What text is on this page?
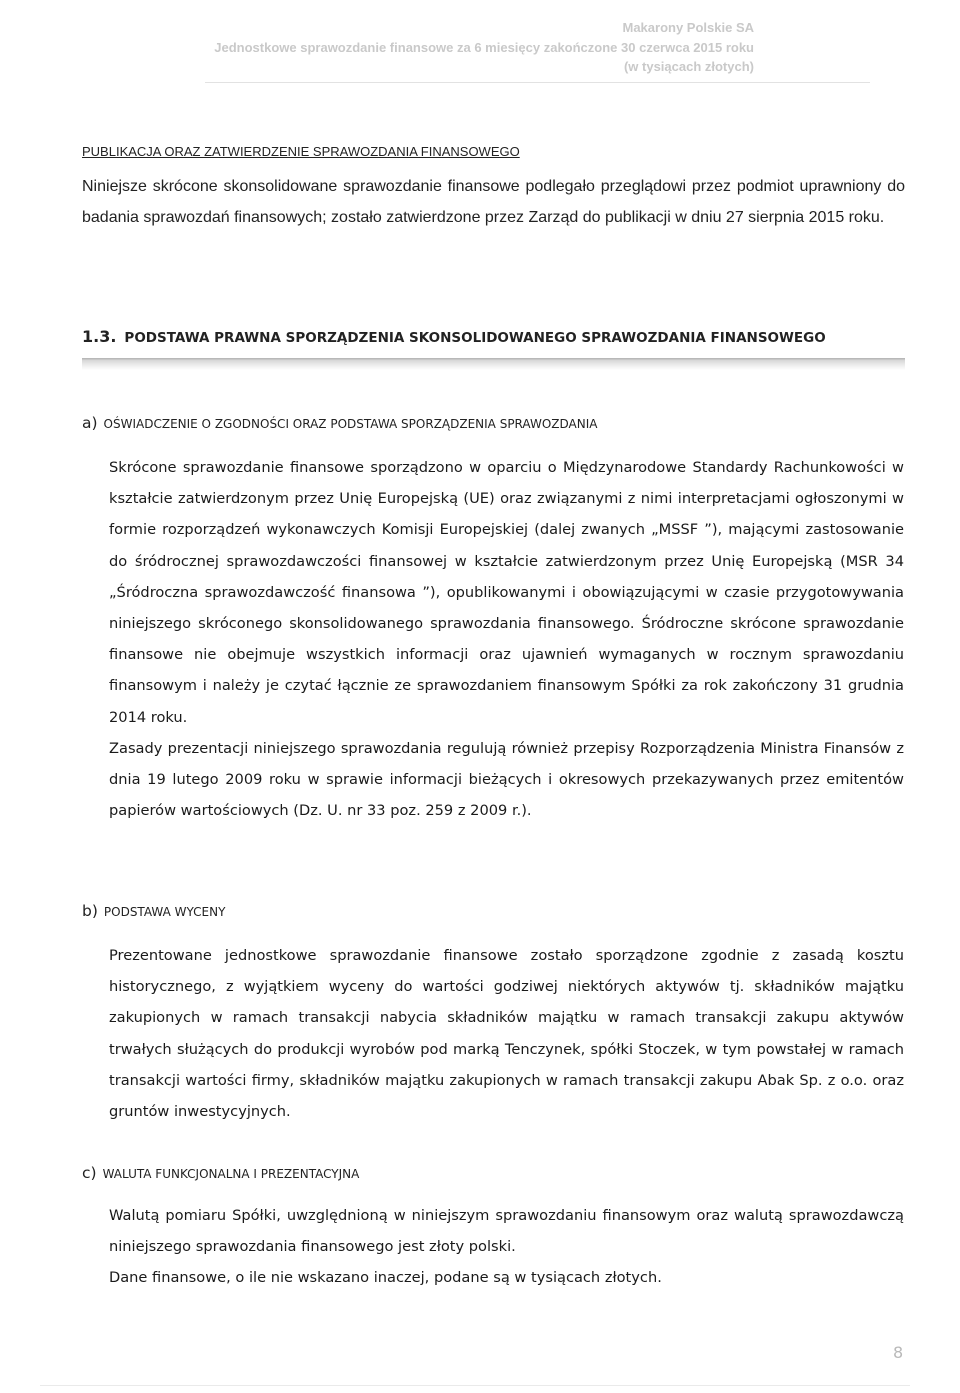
Makarony Polskie SA
Jednostkowe sprawozdanie finansowe za 6 miesięcy zakończone 30 czerwca 2015 roku
(w tysiącach złotych)
PUBLIKACJA ORAZ ZATWIERDZENIE SPRAWOZDANIA FINANSOWEGO
Niniejsze skrócone skonsolidowane sprawozdanie finansowe podlegało przeglądowi przez podmiot uprawniony do badania sprawozdań finansowych; zostało zatwierdzone przez Zarząd do publikacji w dniu 27 sierpnia 2015 roku.
1.3. PODSTAWA PRAWNA SPORZĄDZENIA SKONSOLIDOWANEGO SPRAWOZDANIA FINANSOWEGO
a) OŚWIADCZENIE O ZGODNOŚCI ORAZ PODSTAWA SPORZĄDZENIA SPRAWOZDANIA

Skrócone sprawozdanie finansowe sporządzono w oparciu o Międzynarodowe Standardy Rachunkowości w kształcie zatwierdzonym przez Unię Europejską (UE) oraz związanymi z nimi interpretacjami ogłoszonymi w formie rozporządzeń wykonawczych Komisji Europejskiej (dalej zwanych „MSSF ”), mającymi zastosowanie do śródrocznej sprawozdawczości finansowej w kształcie zatwierdzonym przez Unię Europejską (MSR 34 „Śródroczna sprawozdawczość finansowa ”), opublikowanymi i obowiązującymi w czasie przygotowywania niniejszego skróconego skonsolidowanego sprawozdania finansowego. Śródroczne skrócone sprawozdanie finansowe nie obejmuje wszystkich informacji oraz ujawnień wymaganych w rocznym sprawozdaniu finansowym i należy je czytać łącznie ze sprawozdaniem finansowym Spółki za rok zakończony 31 grudnia 2014 roku.

Zasady prezentacji niniejszego sprawozdania regulują również przepisy Rozporządzenia Ministra Finansów z dnia 19 lutego 2009 roku w sprawie informacji bieżących i okresowych przekazywanych przez emitentów papierów wartościowych (Dz. U. nr 33 poz. 259 z 2009 r.).

b) PODSTAWA WYCENY

Prezentowane jednostkowe sprawozdanie finansowe zostało sporządzone zgodnie z zasadą kosztu historycznego, z wyjątkiem wyceny do wartości godziwej niektórych aktywów tj. składników majątku zakupionych w ramach transakcji nabycia składników majątku w ramach transakcji zakupu aktywów trwałych służących do produkcji wyrobów pod marką Tenczynek, spółki Stoczek, w tym powstałej w ramach transakcji wartości firmy, składników majątku zakupionych w ramach transakcji zakupu Abak Sp. z o.o. oraz gruntów inwestycyjnych.

c) WALUTA FUNKCJONALNA I PREZENTACYJNA

Walutą pomiaru Spółki, uwzględnioną w niniejszym sprawozdaniu finansowym oraz walutą sprawozdawczą niniejszego sprawozdania finansowego jest złoty polski.

Dane finansowe, o ile nie wskazano inaczej, podane są w tysiącach złotych.

8
